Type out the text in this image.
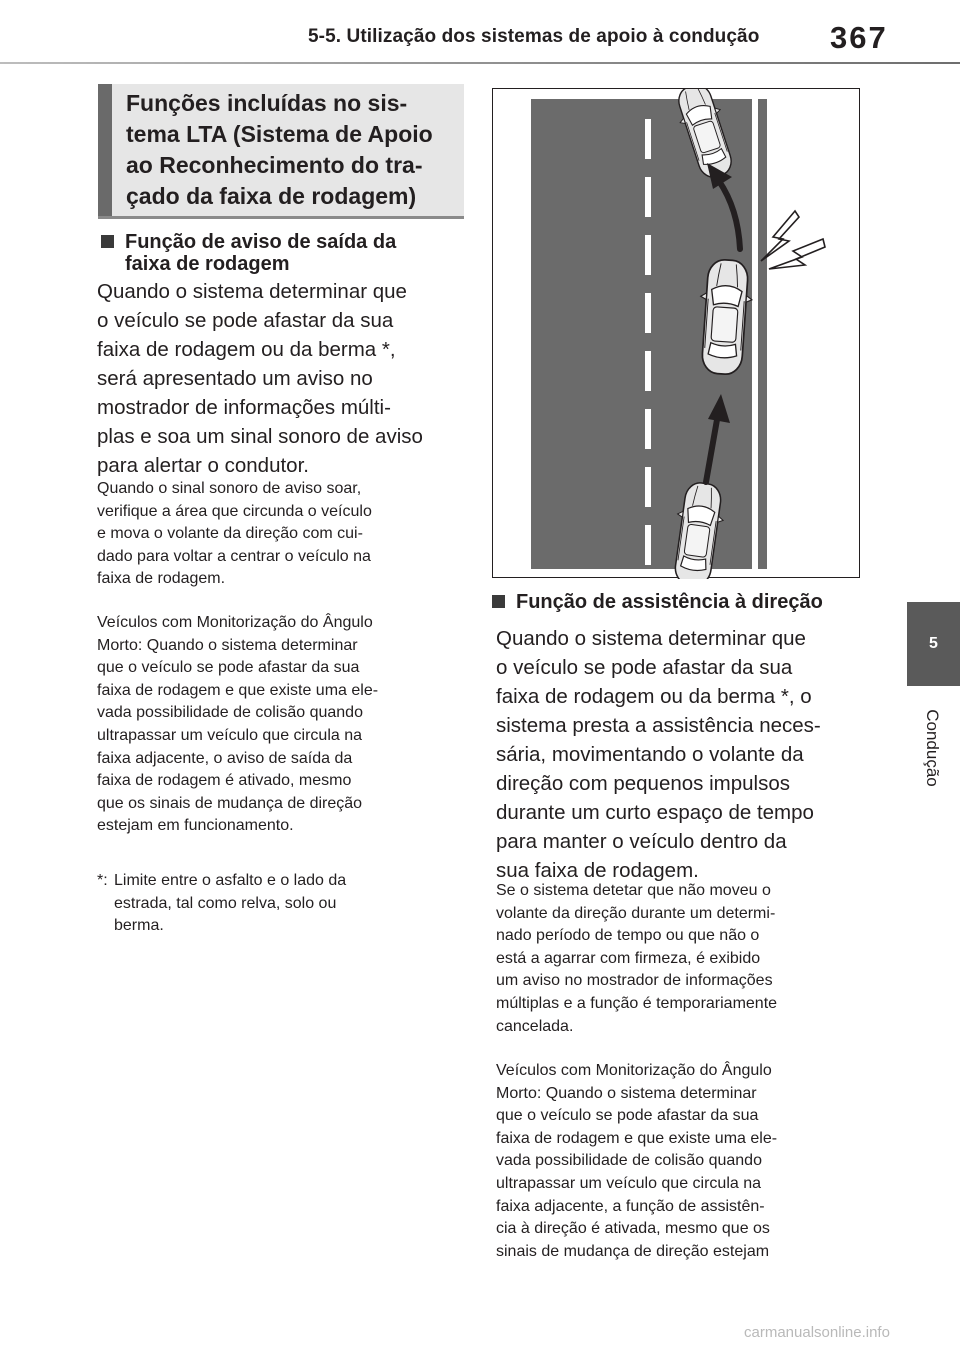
5-5. Utilização dos sistemas de apoio à condução 367
5
Condução
Funções incluídas no sis-
tema LTA (Sistema de Apoio
ao Reconhecimento do tra-
çado da faixa de rodagem)
Função de aviso de saída da
faixa de rodagem
Quando o sistema determinar que
o veículo se pode afastar da sua
faixa de rodagem ou da berma *,
será apresentado um aviso no
mostrador de informações múlti-
plas e soa um sinal sonoro de aviso
para alertar o condutor.
Quando o sinal sonoro de aviso soar,
verifique a área que circunda o veículo
e mova o volante da direção com cui-
dado para voltar a centrar o veículo na
faixa de rodagem.
Veículos com Monitorização do Ângulo
Morto: Quando o sistema determinar
que o veículo se pode afastar da sua
faixa de rodagem e que existe uma ele-
vada possibilidade de colisão quando
ultrapassar um veículo que circula na
faixa adjacente, o aviso de saída da
faixa de rodagem é ativado, mesmo
que os sinais de mudança de direção
estejam em funcionamento.
*: Limite entre o asfalto e o lado da
estrada, tal como relva, solo ou
berma.
Função de assistência à direção
Quando o sistema determinar que
o veículo se pode afastar da sua
faixa de rodagem ou da berma *, o
sistema presta a assistência neces-
sária, movimentando o volante da
direção com pequenos impulsos
durante um curto espaço de tempo
para manter o veículo dentro da
sua faixa de rodagem.
Se o sistema detetar que não moveu o
volante da direção durante um determi-
nado período de tempo ou que não o
está a agarrar com firmeza, é exibido
um aviso no mostrador de informações
múltiplas e a função é temporariamente
cancelada.
Veículos com Monitorização do Ângulo
Morto: Quando o sistema determinar
que o veículo se pode afastar da sua
faixa de rodagem e que existe uma ele-
vada possibilidade de colisão quando
ultrapassar um veículo que circula na
faixa adjacente, a função de assistên-
cia à direção é ativada, mesmo que os
sinais de mudança de direção estejam
carmanualsonline.info
